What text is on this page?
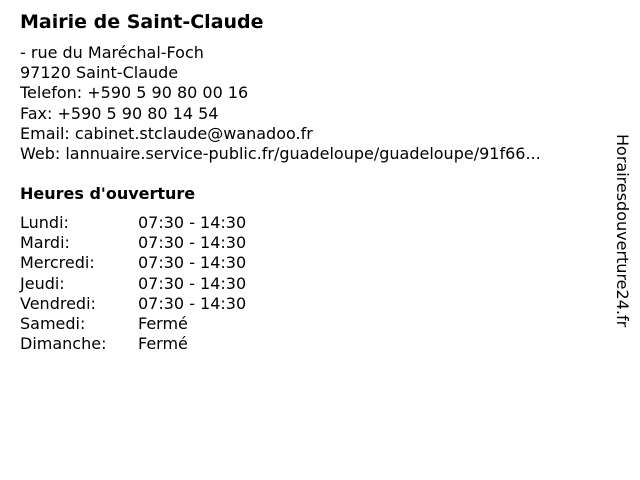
Mairie de Saint-Claude
- rue du Maréchal-Foch
97120 Saint-Claude
Telefon: +590 5 90 80 00 16
Fax: +590 5 90 80 14 54
Email: cabinet.stclaude@wanadoo.fr
Web: lannuaire.service-public.fr/guadeloupe/guadeloupe/91f66...
Heures d'ouverture
Lundi:	07:30 - 14:30
Mardi:	07:30 - 14:30
Mercredi:	07:30 - 14:30
Jeudi:	07:30 - 14:30
Vendredi:	07:30 - 14:30
Samedi:	Fermé
Dimanche: Fermé
Horairesdouverture24.fr
